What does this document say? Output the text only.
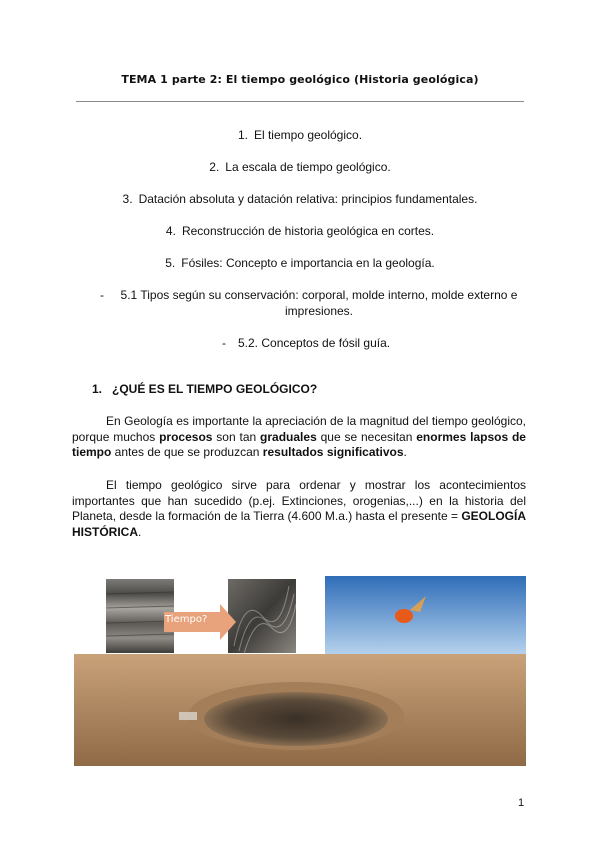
TEMA 1 parte 2: El tiempo geológico (Historia geológica)
1. El tiempo geológico.
2. La escala de tiempo geológico.
3. Datación absoluta y datación relativa: principios fundamentales.
4. Reconstrucción de historia geológica en cortes.
5. Fósiles: Concepto e importancia en la geología.
-	5.1 Tipos según su conservación: corporal, molde interno, molde externo e impresiones.
- 5.2. Conceptos de fósil guía.
1. ¿QUÉ ES EL TIEMPO GEOLÓGICO?
En Geología es importante la apreciación de la magnitud del tiempo geológico, porque muchos procesos son tan graduales que se necesitan enormes lapsos de tiempo antes de que se produzcan resultados significativos.
El tiempo geológico sirve para ordenar y mostrar los acontecimientos importantes que han sucedido (p.ej. Extinciones, orogenias,...) en la historia del Planeta, desde la formación de la Tierra (4.600 M.a.) hasta el presente = GEOLOGÍA HISTÓRICA.
Tiempo?
1
